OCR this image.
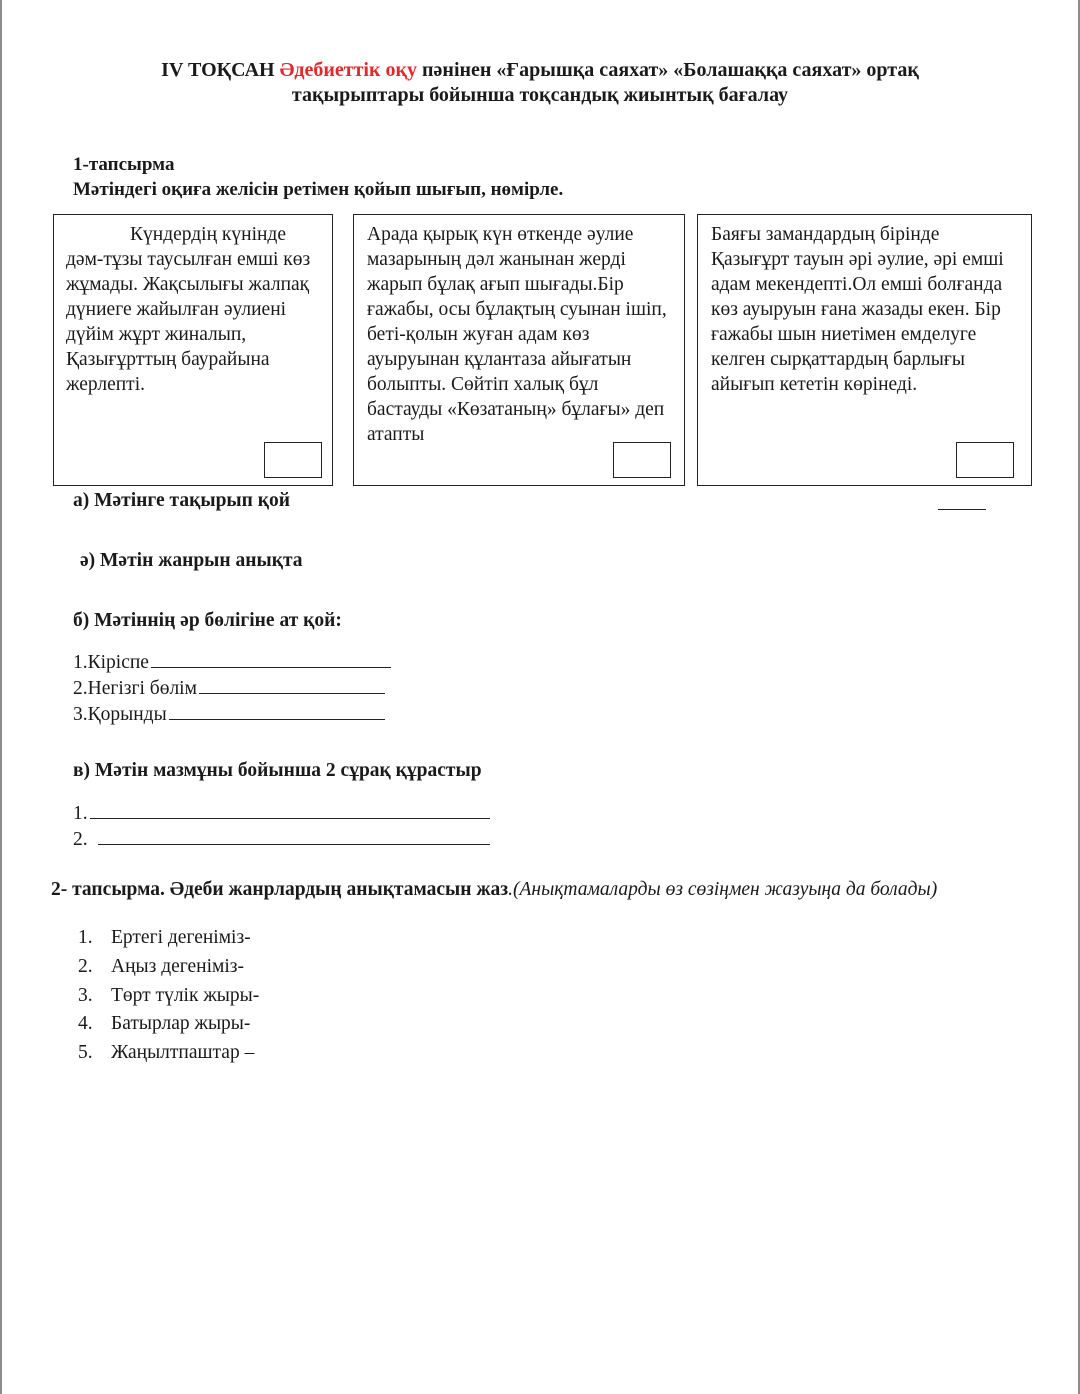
IV ТОҚСАН Әдебиеттік оқу пәнінен «Ғарышқа саяхат» «Болашаққа саяхат» ортақ
тақырыптары бойынша тоқсандық жиынтық бағалау
1-тапсырма
Мәтіндегі оқиға желісін ретімен қойып шығып, нөмірле.
Күндердің күнінде дәм-тұзы таусылған емші көз жұмады. Жақсылығы жалпақ дүниеге жайылған әулиені дүйім жұрт жиналып, Қазығұрттың баурайына жерлепті.
Арада қырық күн өткенде әулие мазарының дәл жанынан жерді жарып бұлақ ағып шығады.Бір ғажабы, осы бұлақтың суынан ішіп, беті-қолын жуған адам көз ауыруынан құлантаза айығатын болыпты. Сөйтіп халық бұл бастауды «Көзатаның» бұлағы» деп атапты
Баяғы замандардың бірінде Қазығұрт тауын әрі әулие, әрі емші адам мекендепті.Ол емші болғанда көз ауыруын ғана жазады екен. Бір ғажабы шын ниетімен емделуге келген сырқаттардың барлығы айығып кететін көрінеді.
а) Мәтінге тақырып қой
ә) Мәтін жанрын анықта
б) Мәтіннің әр бөлігіне ат қой:
1.Кіріспе
2.Негізгі бөлім
3.Қорынды
в) Мәтін мазмұны бойынша 2 сұрақ құрастыр
1.
2.
2- тапсырма. Әдеби жанрлардың анықтамасын жаз.(Анықтамаларды өз сөзіңмен жазуыңа да болады)
1. Ертегі дегеніміз-
2. Аңыз дегеніміз-
3. Төрт түлік жыры-
4. Батырлар жыры-
5. Жаңылтпаштар –
